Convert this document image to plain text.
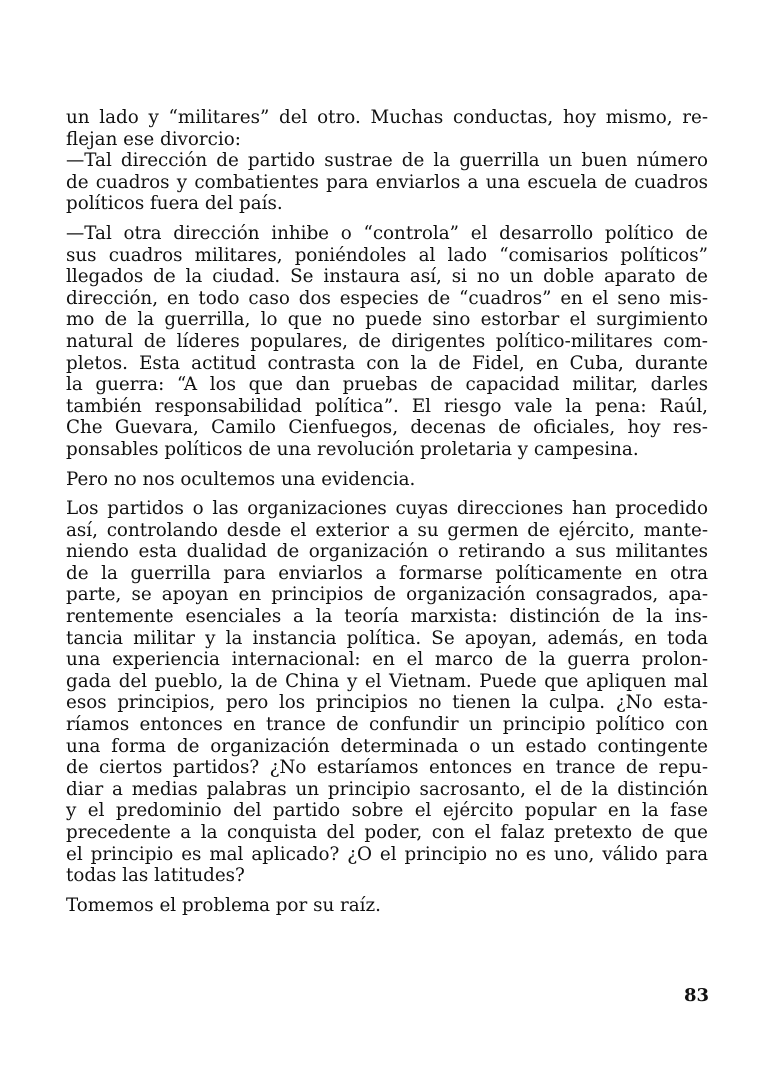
un lado y “militares” del otro. Muchas conductas, hoy mismo, re-
flejan ese divorcio:
—Tal dirección de partido sustrae de la guerrilla un buen número
de cuadros y combatientes para enviarlos a una escuela de cuadros
políticos fuera del país.
—Tal otra dirección inhibe o “controla” el desarrollo político de
sus cuadros militares, poniéndoles al lado “comisarios políticos”
llegados de la ciudad. Se instaura así, si no un doble aparato de
dirección, en todo caso dos especies de “cuadros” en el seno mis-
mo de la guerrilla, lo que no puede sino estorbar el surgimiento
natural de líderes populares, de dirigentes político-militares com-
pletos. Esta actitud contrasta con la de Fidel, en Cuba, durante
la guerra: “A los que dan pruebas de capacidad militar, darles
también responsabilidad política”. El riesgo vale la pena: Raúl,
Che Guevara, Camilo Cienfuegos, decenas de oficiales, hoy res-
ponsables políticos de una revolución proletaria y campesina.
Pero no nos ocultemos una evidencia.
Los partidos o las organizaciones cuyas direcciones han procedido
así, controlando desde el exterior a su germen de ejército, mante-
niendo esta dualidad de organización o retirando a sus militantes
de la guerrilla para enviarlos a formarse políticamente en otra
parte, se apoyan en principios de organización consagrados, apa-
rentemente esenciales a la teoría marxista: distinción de la ins-
tancia militar y la instancia política. Se apoyan, además, en toda
una experiencia internacional: en el marco de la guerra prolon-
gada del pueblo, la de China y el Vietnam. Puede que apliquen mal
esos principios, pero los principios no tienen la culpa. ¿No esta-
ríamos entonces en trance de confundir un principio político con
una forma de organización determinada o un estado contingente
de ciertos partidos? ¿No estaríamos entonces en trance de repu-
diar a medias palabras un principio sacrosanto, el de la distinción
y el predominio del partido sobre el ejército popular en la fase
precedente a la conquista del poder, con el falaz pretexto de que
el principio es mal aplicado? ¿O el principio no es uno, válido para
todas las latitudes?
Tomemos el problema por su raíz.
83
